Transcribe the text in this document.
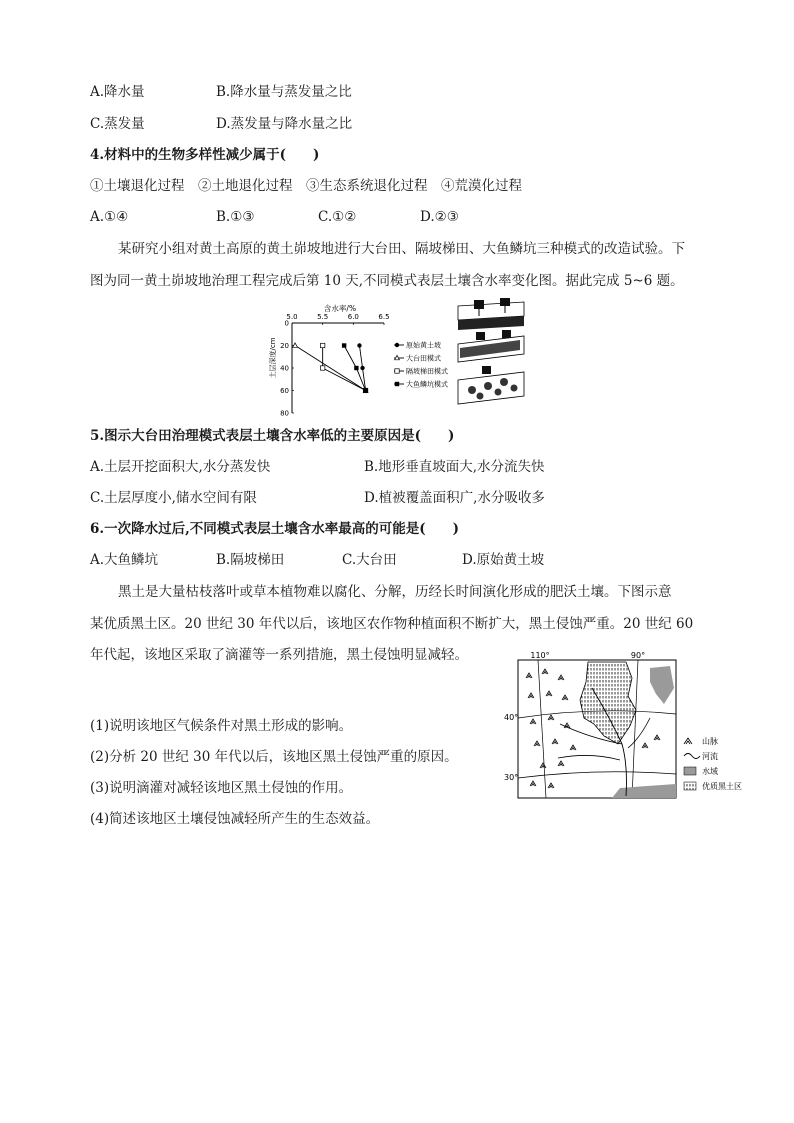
A.降水量	B.降水量与蒸发量之比
C.蒸发量	D.蒸发量与降水量之比
4.材料中的生物多样性减少属于(　　)
①土壤退化过程　②土地退化过程　③生态系统退化过程　④荒漠化过程
A.①④	B.①③	C.①②	D.②③
某研究小组对黄土高原的黄土峁坡地进行大台田、隔坡梯田、大鱼鳞坑三种模式的改造试验。下
图为同一黄土峁坡地治理工程完成后第 10 天,不同模式表层土壤含水率变化图。据此完成 5~6 题。
含水率/%
5.0	5.5	6.0	6.5
0
20
40
60
80
土层深度/cm	原始黄土坡
大台田模式
隔坡梯田模式
大鱼鳞坑模式
5.图示大台田治理模式表层土壤含水率低的主要原因是(　　)
A.土层开挖面积大,水分蒸发快	B.地形垂直坡面大,水分流失快
C.土层厚度小,储水空间有限	D.植被覆盖面积广,水分吸收多
6.一次降水过后,不同模式表层土壤含水率最高的可能是(　　)
A.大鱼鳞坑	B.隔坡梯田	C.大台田	D.原始黄土坡
黑土是大量枯枝落叶或草本植物难以腐化、分解，历经长时间演化形成的肥沃土壤。下图示意
某优质黑土区。20 世纪 30 年代以后，该地区农作物种植面积不断扩大，黑土侵蚀严重。20 世纪 60
年代起，该地区采取了滴灌等一系列措施，黑土侵蚀明显减轻。
(1)说明该地区气候条件对黑土形成的影响。
(2)分析 20 世纪 30 年代以后，该地区黑土侵蚀严重的原因。
(3)说明滴灌对减轻该地区黑土侵蚀的作用。
(4)简述该地区土壤侵蚀减轻所产生的生态效益。
110°	90°
40°
30°
山脉
河流
水域
优质黑土区
